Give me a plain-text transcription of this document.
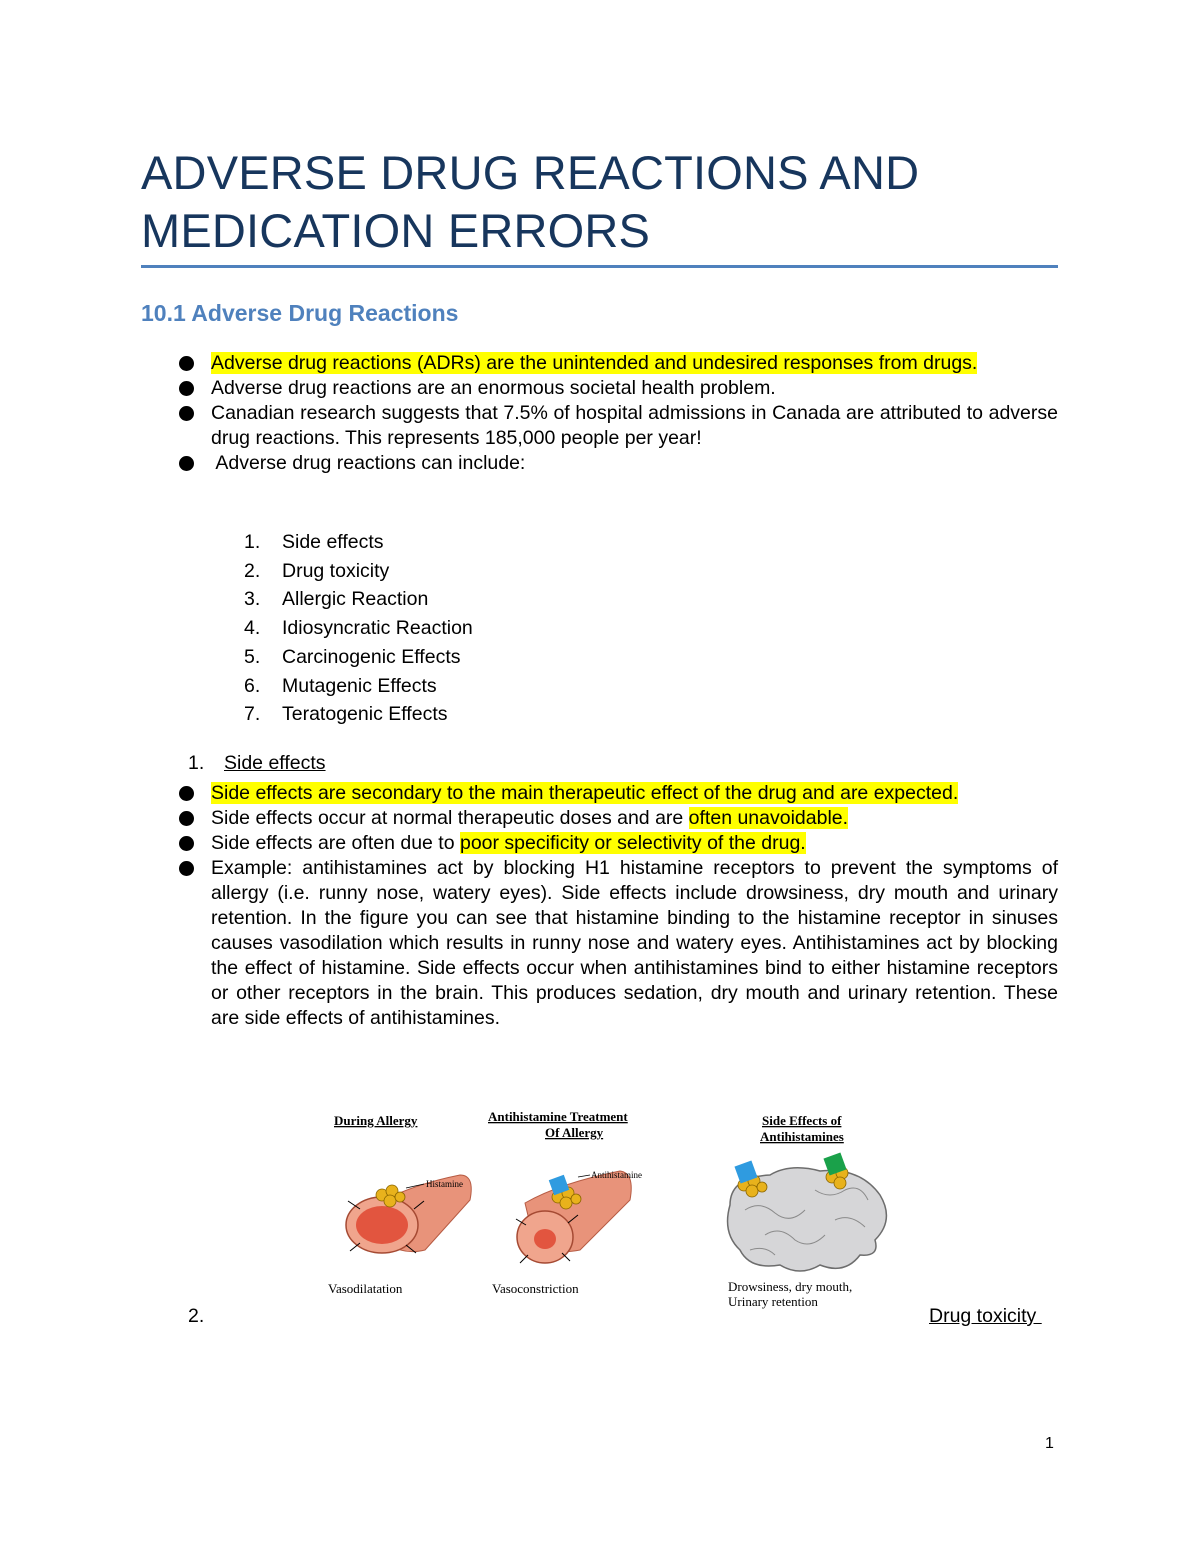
ADVERSE DRUG REACTIONS AND MEDICATION ERRORS
10.1 Adverse Drug Reactions
Adverse drug reactions (ADRs) are the unintended and undesired responses from drugs.
Adverse drug reactions are an enormous societal health problem.
Canadian research suggests that 7.5% of hospital admissions in Canada are attributed to adverse drug reactions. This represents 185,000 people per year!
Adverse drug reactions can include:
1. Side effects
2. Drug toxicity
3. Allergic Reaction
4. Idiosyncratic Reaction
5. Carcinogenic Effects
6. Mutagenic Effects
7. Teratogenic Effects
1. Side effects
Side effects are secondary to the main therapeutic effect of the drug and are expected.
Side effects occur at normal therapeutic doses and are often unavoidable.
Side effects are often due to poor specificity or selectivity of the drug.
Example: antihistamines act by blocking H1 histamine receptors to prevent the symptoms of allergy (i.e. runny nose, watery eyes). Side effects include drowsiness, dry mouth and urinary retention. In the figure you can see that histamine binding to the histamine receptor in sinuses causes vasodilation which results in runny nose and watery eyes. Antihistamines act by blocking the effect of histamine. Side effects occur when antihistamines bind to either histamine receptors or other receptors in the brain. This produces sedation, dry mouth and urinary retention. These are side effects of antihistamines.
During Allergy
Histamine
Vasodilatation
Antihistamine Treatment
Of Allergy
Antihistamine
Vasoconstriction
Side Effects of
Antihistamines
Drowsiness, dry mouth,
Urinary retention
2.	Drug toxicity
1
